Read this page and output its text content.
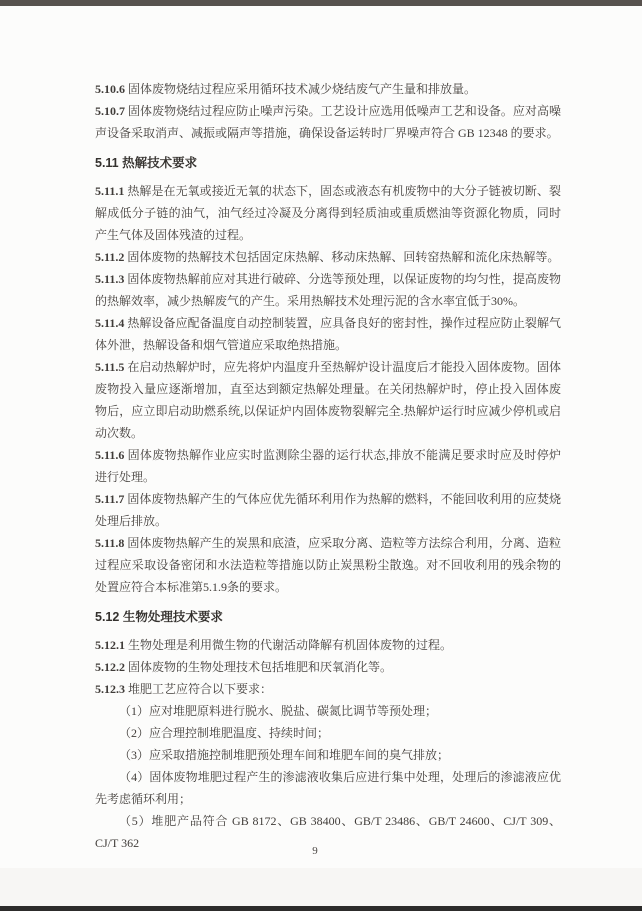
5.10.6 固体废物烧结过程应采用循环技术减少烧结废气产生量和排放量。

5.10.7 固体废物烧结过程应防止噪声污染。工艺设计应选用低噪声工艺和设备。应对高噪声设备采取消声、减振或隔声等措施，确保设备运转时厂界噪声符合 GB 12348 的要求。

5.11 热解技术要求

5.11.1 热解是在无氧或接近无氧的状态下，固态或液态有机废物中的大分子链被切断、裂解成低分子链的油气，油气经过冷凝及分离得到轻质油或重质燃油等资源化物质，同时产生气体及固体残渣的过程。

5.11.2 固体废物的热解技术包括固定床热解、移动床热解、回转窑热解和流化床热解等。

5.11.3 固体废物热解前应对其进行破碎、分选等预处理，以保证废物的均匀性，提高废物的热解效率，减少热解废气的产生。采用热解技术处理污泥的含水率宜低于30%。

5.11.4 热解设备应配备温度自动控制装置，应具备良好的密封性，操作过程应防止裂解气体外泄，热解设备和烟气管道应采取绝热措施。

5.11.5 在启动热解炉时，应先将炉内温度升至热解炉设计温度后才能投入固体废物。固体废物投入量应逐渐增加，直至达到额定热解处理量。在关闭热解炉时，停止投入固体废物后，应立即启动助燃系统,以保证炉内固体废物裂解完全.热解炉运行时应减少停机或启动次数。

5.11.6 固体废物热解作业应实时监测除尘器的运行状态,排放不能满足要求时应及时停炉进行处理。

5.11.7 固体废物热解产生的气体应优先循环利用作为热解的燃料，不能回收利用的应焚烧处理后排放。

5.11.8 固体废物热解产生的炭黑和底渣，应采取分离、造粒等方法综合利用，分离、造粒过程应采取设备密闭和水法造粒等措施以防止炭黑粉尘散逸。对不回收利用的残余物的处置应符合本标准第5.1.9条的要求。

5.12 生物处理技术要求

5.12.1 生物处理是利用微生物的代谢活动降解有机固体废物的过程。

5.12.2 固体废物的生物处理技术包括堆肥和厌氧消化等。

5.12.3 堆肥工艺应符合以下要求：

（1）应对堆肥原料进行脱水、脱盐、碳氮比调节等预处理；

（2）应合理控制堆肥温度、持续时间；

（3）应采取措施控制堆肥预处理车间和堆肥车间的臭气排放；

（4）固体废物堆肥过程产生的渗滤液收集后应进行集中处理，处理后的渗滤液应优先考虑循环利用；

（5）堆肥产品符合 GB 8172、GB 38400、GB/T 23486、GB/T 24600、CJ/T 309、CJ/T 362

9
